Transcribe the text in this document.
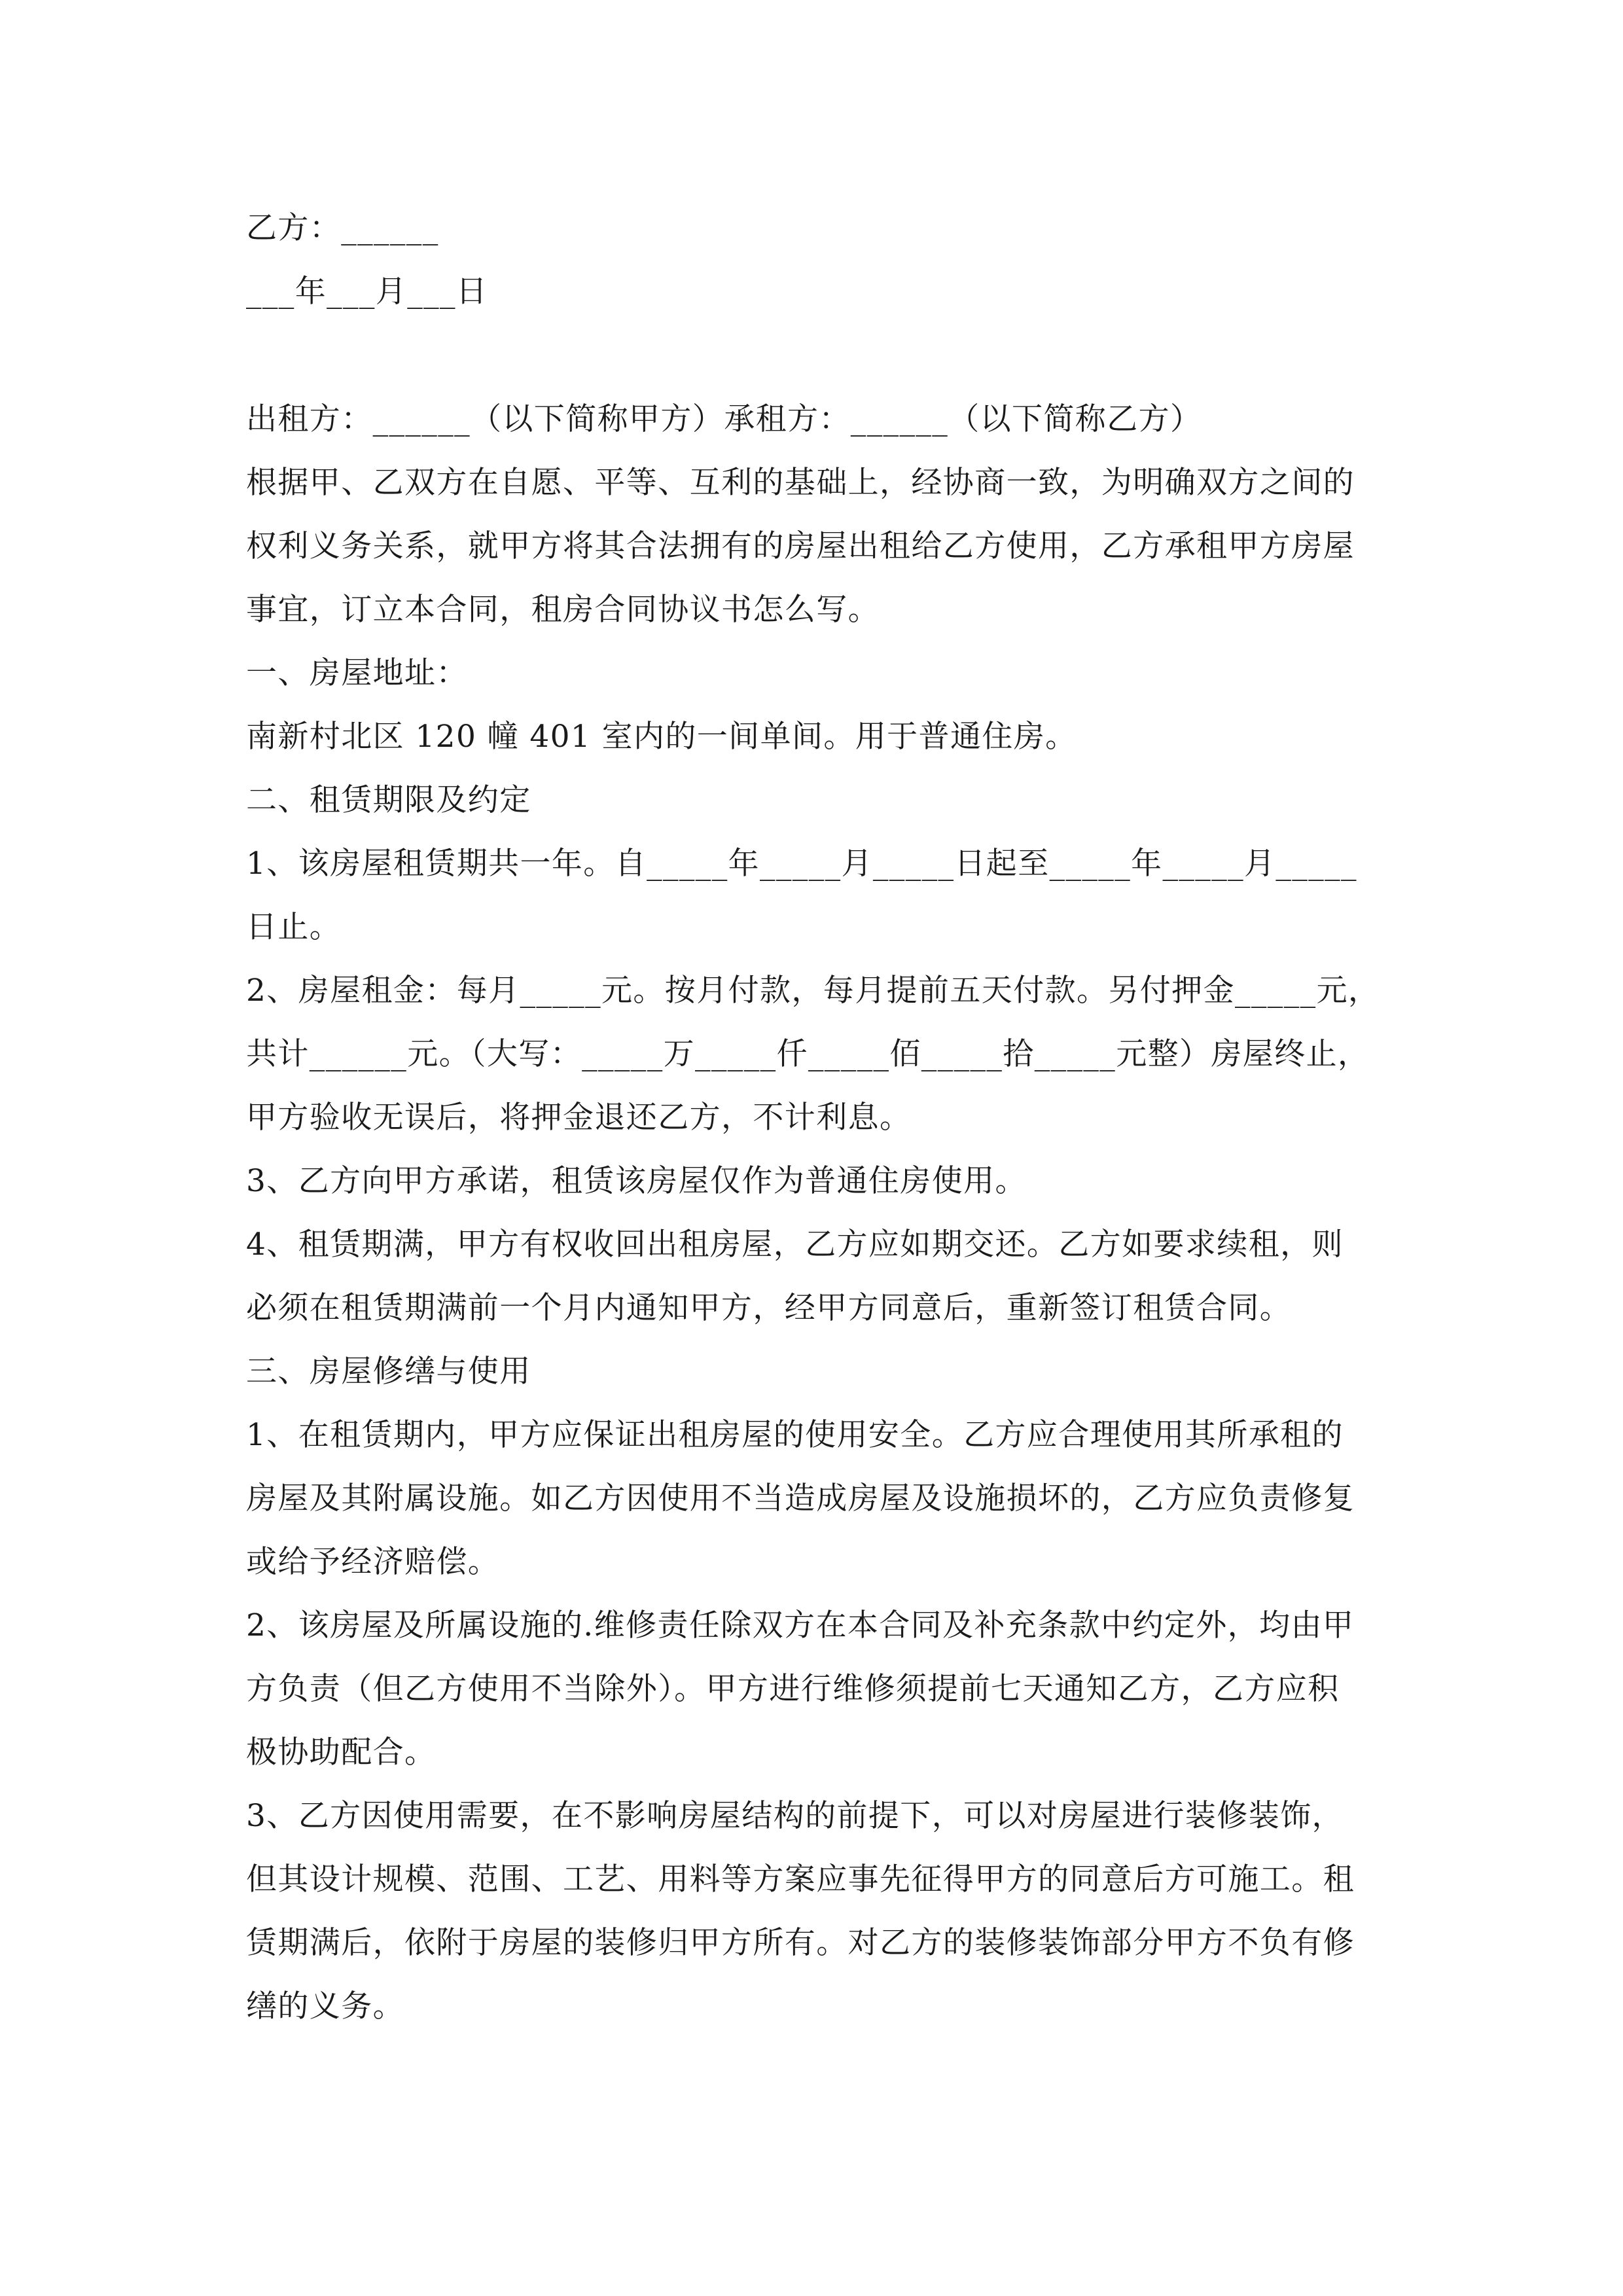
乙方：______
___年___月___日
出租方：______（以下简称甲方）承租方：______（以下简称乙方）
根据甲、乙双方在自愿、平等、互利的基础上，经协商一致，为明确双方之间的
权利义务关系，就甲方将其合法拥有的房屋出租给乙方使用，乙方承租甲方房屋
事宜，订立本合同，租房合同协议书怎么写。
一、房屋地址：
南新村北区 120 幢 401 室内的一间单间。用于普通住房。
二、租赁期限及约定
1、该房屋租赁期共一年。自_____年_____月_____日起至_____年_____月_____
日止。
2、房屋租金：每月_____元。按月付款，每月提前五天付款。另付押金_____元，
共计______元。（大写：_____万_____仟_____佰_____拾_____元整）房屋终止，
甲方验收无误后，将押金退还乙方，不计利息。
3、乙方向甲方承诺，租赁该房屋仅作为普通住房使用。
4、租赁期满，甲方有权收回出租房屋，乙方应如期交还。乙方如要求续租，则
必须在租赁期满前一个月内通知甲方，经甲方同意后，重新签订租赁合同。
三、房屋修缮与使用
1、在租赁期内，甲方应保证出租房屋的使用安全。乙方应合理使用其所承租的
房屋及其附属设施。如乙方因使用不当造成房屋及设施损坏的，乙方应负责修复
或给予经济赔偿。
2、该房屋及所属设施的.维修责任除双方在本合同及补充条款中约定外，均由甲
方负责（但乙方使用不当除外）。甲方进行维修须提前七天通知乙方，乙方应积
极协助配合。
3、乙方因使用需要，在不影响房屋结构的前提下，可以对房屋进行装修装饰，
但其设计规模、范围、工艺、用料等方案应事先征得甲方的同意后方可施工。租
赁期满后，依附于房屋的装修归甲方所有。对乙方的装修装饰部分甲方不负有修
缮的义务。
